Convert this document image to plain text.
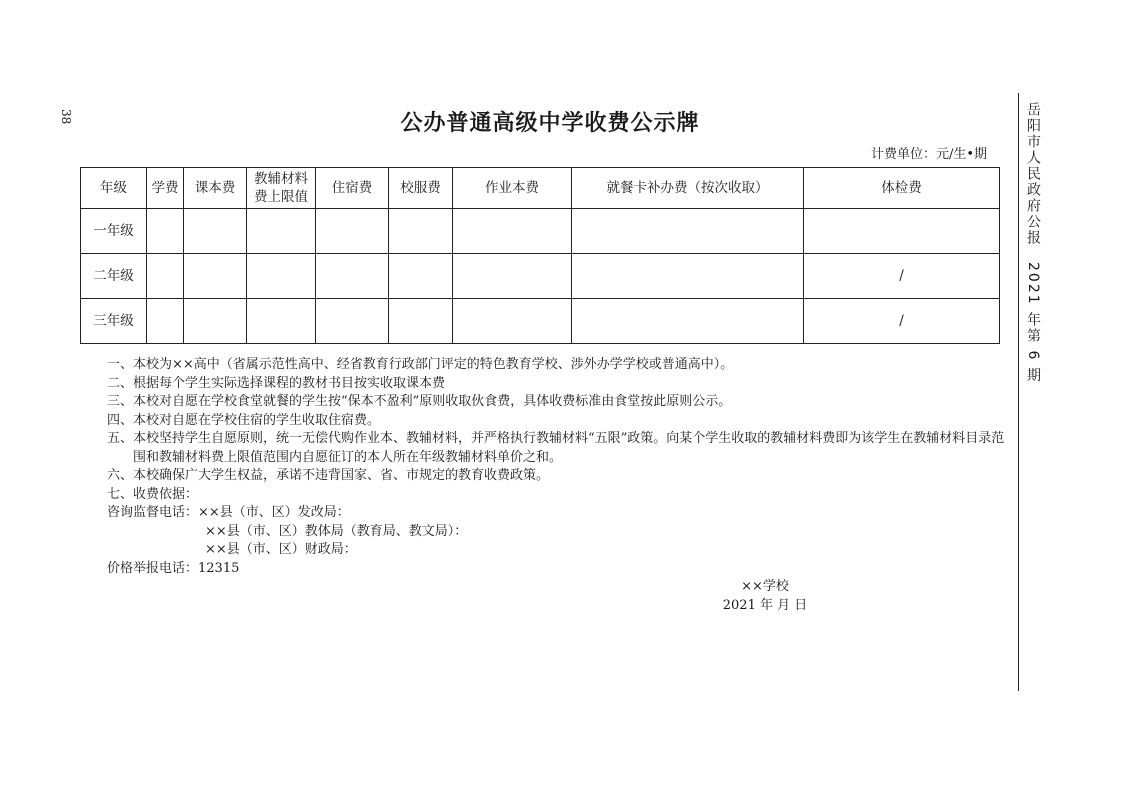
38	岳阳市人民政府公报　2021 年第 6 期
公办普通高级中学收费公示牌
计费单位：元/生•期
年级	学费	课本费	教辅材料费上限值	住宿费	校服费	作业本费	就餐卡补办费（按次收取）	体检费
一年级								
二年级								/
三年级								/
一、本校为××高中（省属示范性高中、经省教育行政部门评定的特色教育学校、涉外办学学校或普通高中）。
二、根据每个学生实际选择课程的教材书目按实收取课本费
三、本校对自愿在学校食堂就餐的学生按“保本不盈利”原则收取伙食费，具体收费标准由食堂按此原则公示。
四、本校对自愿在学校住宿的学生收取住宿费。
五、本校坚持学生自愿原则，统一无偿代购作业本、教辅材料，并严格执行教辅材料“五限”政策。向某个学生收取的教辅材料费即为该学生在教辅材料目录范围和教辅材料费上限值范围内自愿征订的本人所在年级教辅材料单价之和。
六、本校确保广大学生权益，承诺不违背国家、省、市规定的教育收费政策。
七、收费依据：
咨询监督电话：××县（市、区）发改局：
××县（市、区）教体局（教育局、教文局）：
××县（市、区）财政局：
价格举报电话：12315
××学校
2021 年 月 日
